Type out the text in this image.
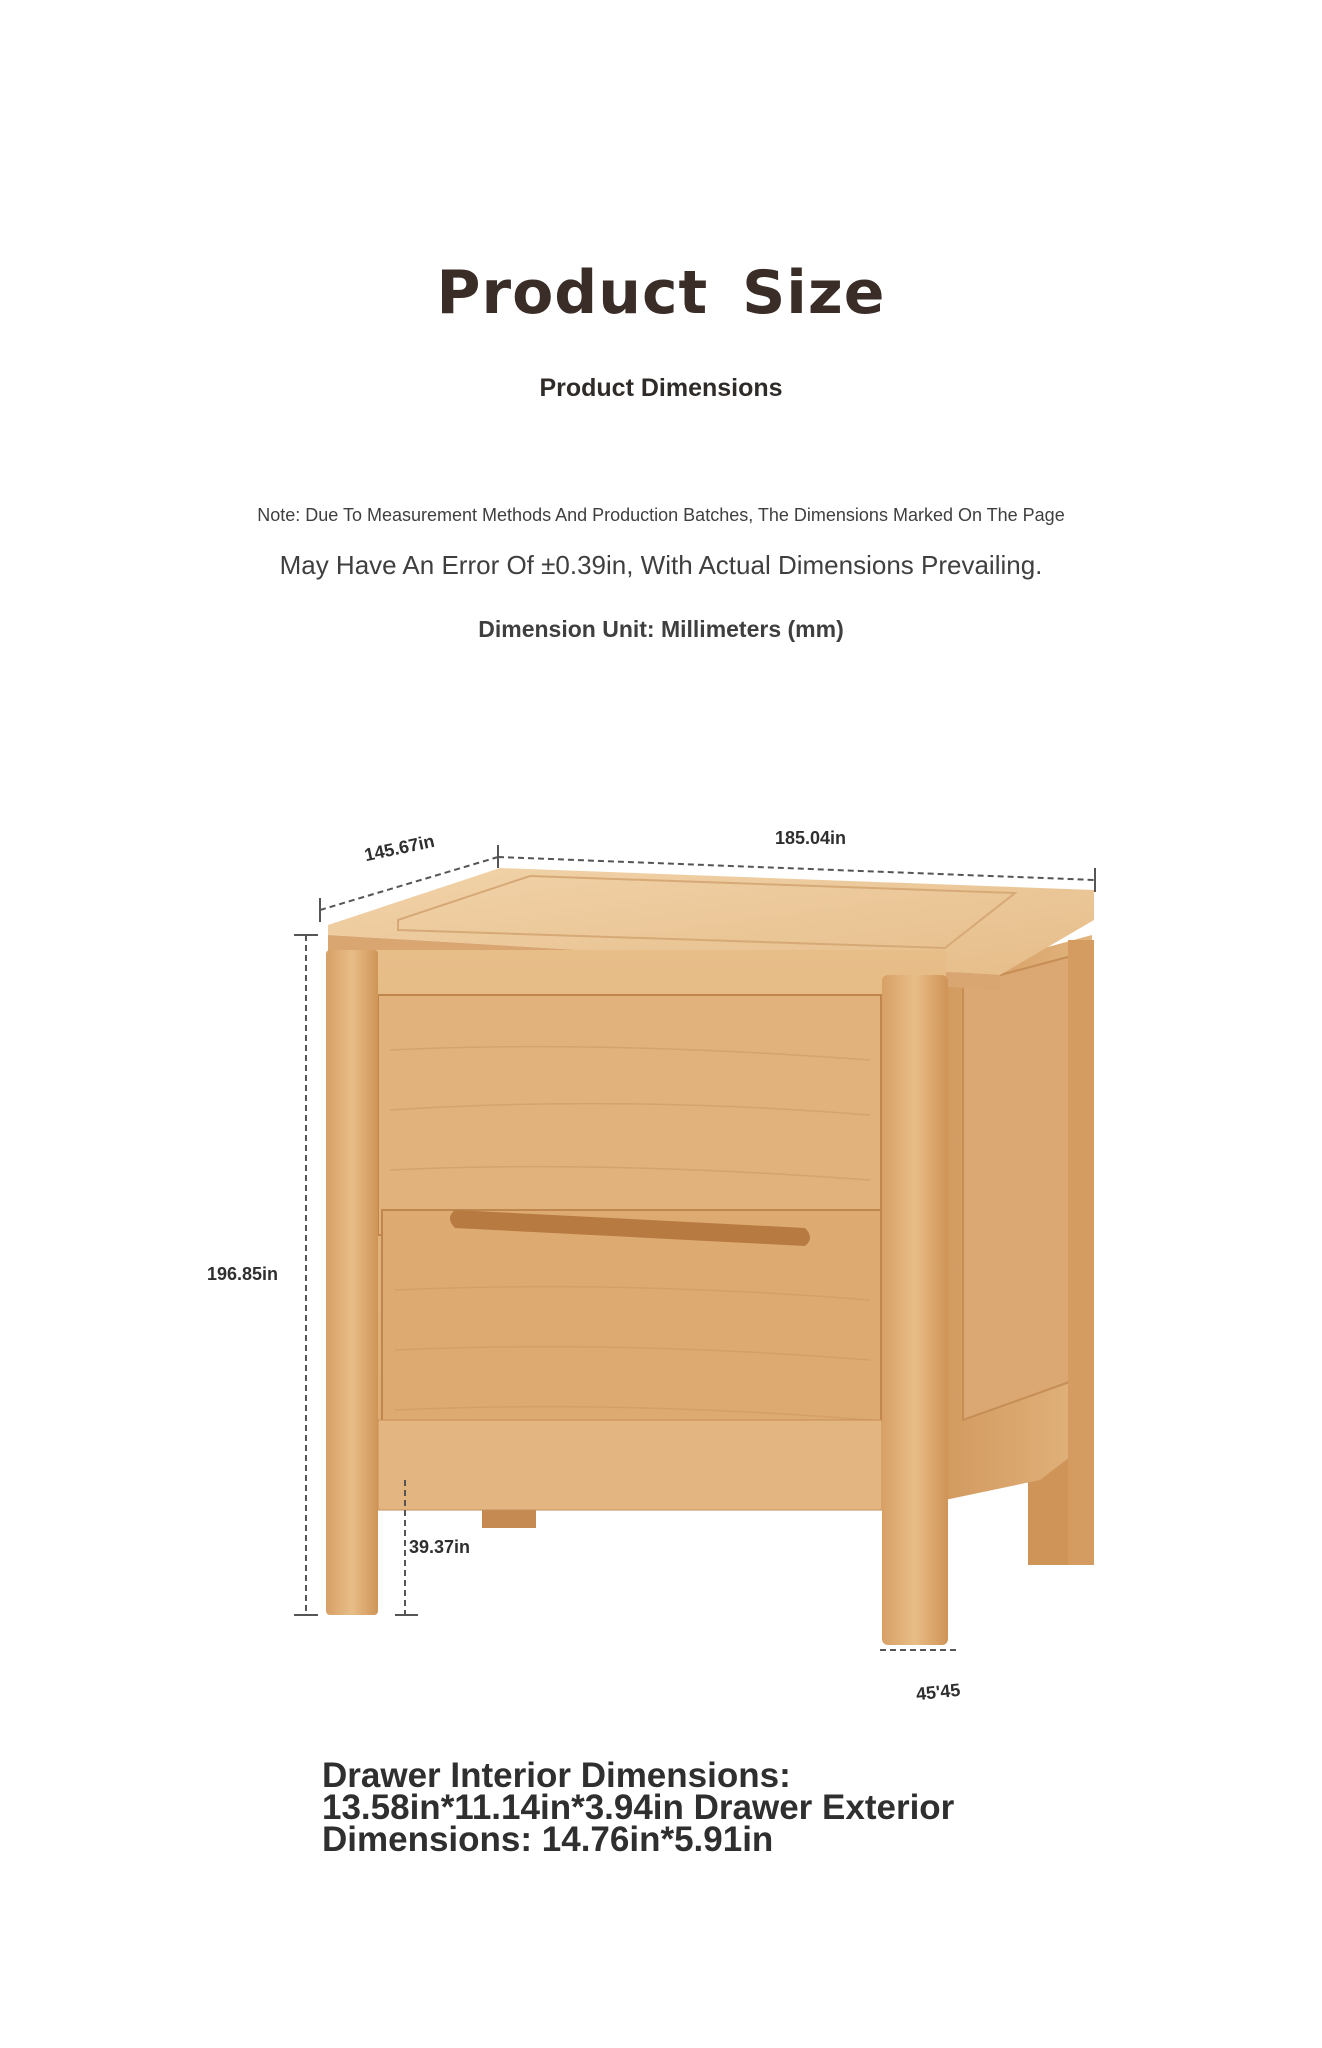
Product Size
Product Dimensions
Note: Due To Measurement Methods And Production Batches, The Dimensions Marked On The Page
May Have An Error Of ±0.39in, With Actual Dimensions Prevailing.
Dimension Unit: Millimeters (mm)
145.67in	185.04in
196.85in
39.37in
45'45
Drawer Interior Dimensions: 13.58in*11.14in*3.94in Drawer Exterior Dimensions: 14.76in*5.91in
